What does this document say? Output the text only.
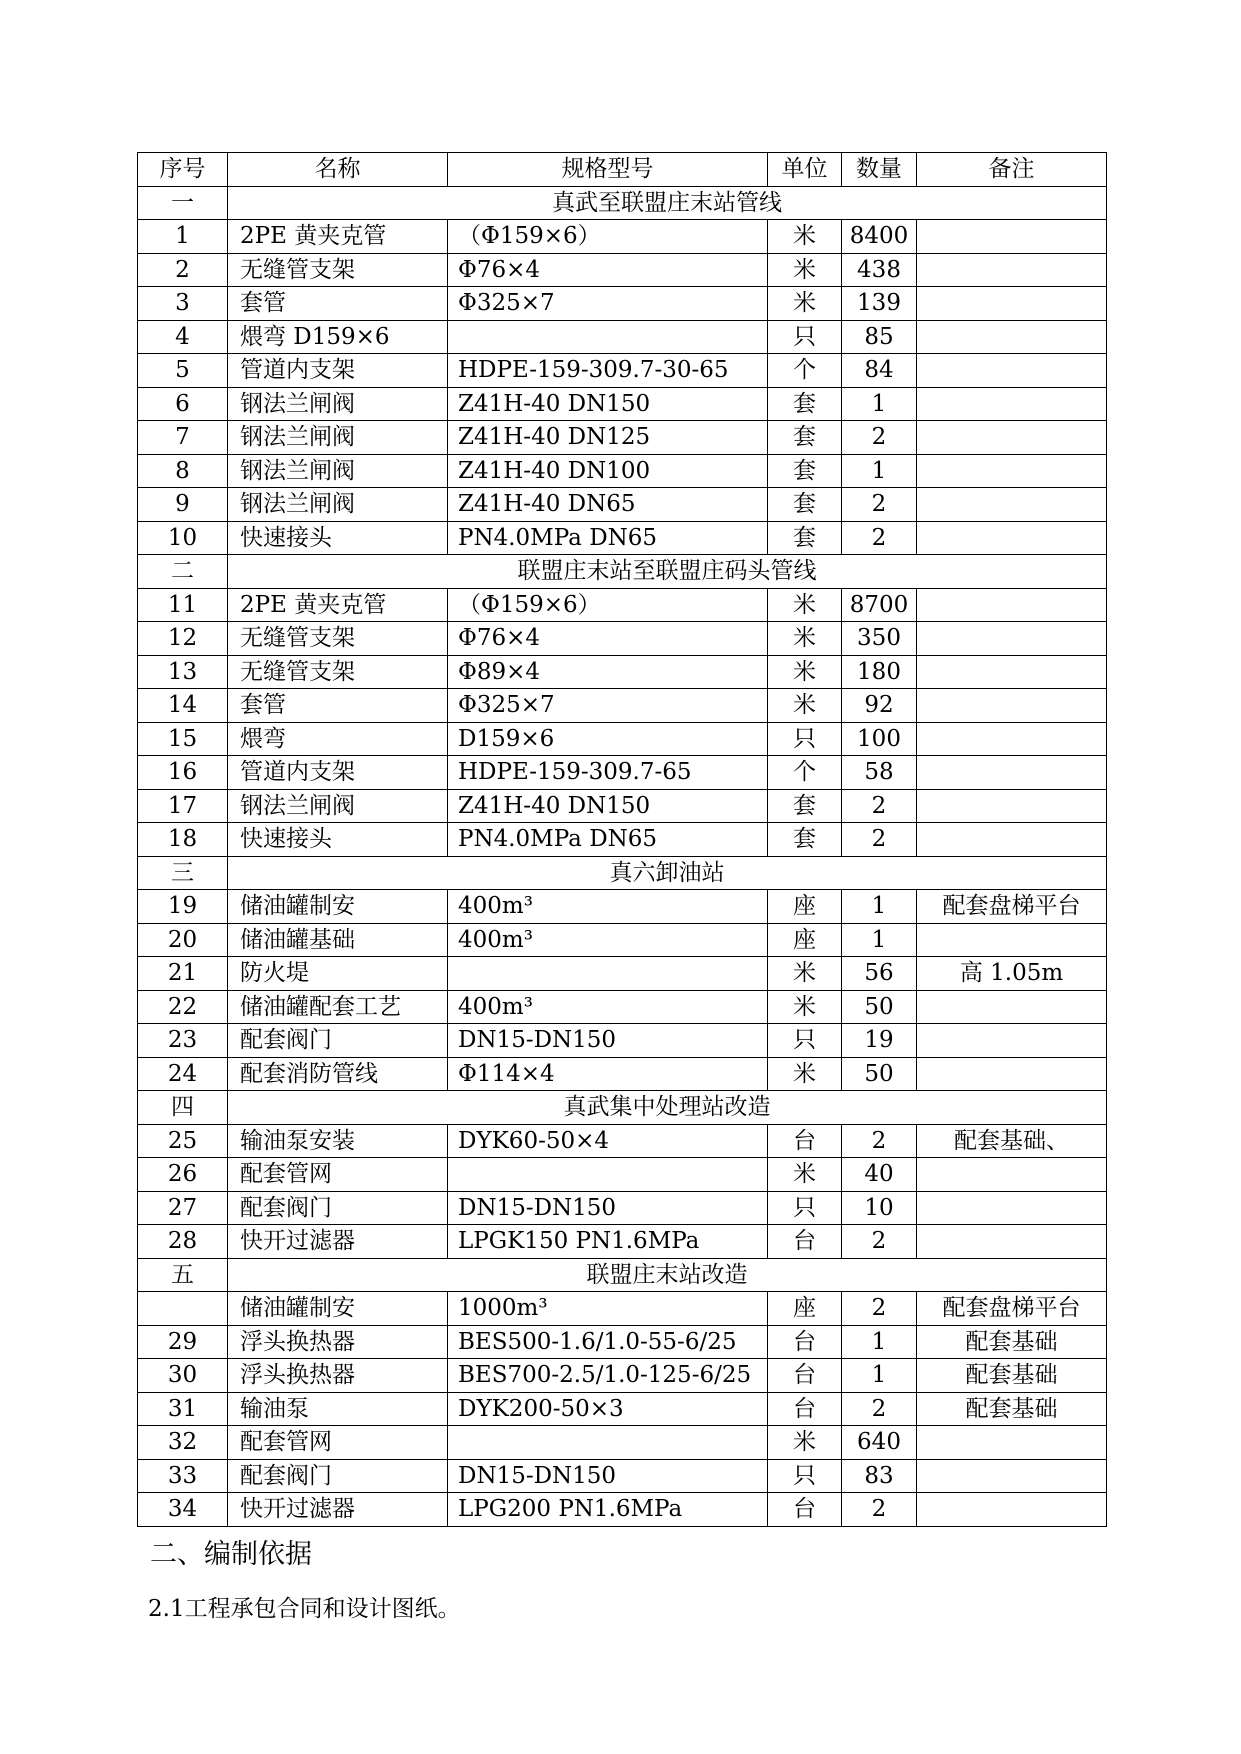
序号	名称	规格型号	单位	数量	备注
一	真武至联盟庄末站管线				
1	2PE 黄夹克管	（Φ159×6）	米	8400	
2	无缝管支架	Φ76×4	米	438	
3	套管	Φ325×7	米	139	
4	煨弯 D159×6		只	85	
5	管道内支架	HDPE-159-309.7-30-65	个	84	
6	钢法兰闸阀	Z41H-40 DN150	套	1	
7	钢法兰闸阀	Z41H-40 DN125	套	2	
8	钢法兰闸阀	Z41H-40 DN100	套	1	
9	钢法兰闸阀	Z41H-40 DN65	套	2	
10	快速接头	PN4.0MPa DN65	套	2	
二	联盟庄末站至联盟庄码头管线				
11	2PE 黄夹克管	（Φ159×6）	米	8700	
12	无缝管支架	Φ76×4	米	350	
13	无缝管支架	Φ89×4	米	180	
14	套管	Φ325×7	米	92	
15	煨弯	D159×6	只	100	
16	管道内支架	HDPE-159-309.7-65	个	58	
17	钢法兰闸阀	Z41H-40 DN150	套	2	
18	快速接头	PN4.0MPa DN65	套	2	
三	真六卸油站				
19	储油罐制安	400m³	座	1	配套盘梯平台
20	储油罐基础	400m³	座	1	
21	防火堤		米	56	高 1.05m
22	储油罐配套工艺	400m³	米	50	
23	配套阀门	DN15-DN150	只	19	
24	配套消防管线	Φ114×4	米	50	
四	真武集中处理站改造				
25	输油泵安装	DYK60-50×4	台	2	配套基础、
26	配套管网		米	40	
27	配套阀门	DN15-DN150	只	10	
28	快开过滤器	LPGK150 PN1.6MPa	台	2	
五	联盟庄末站改造				
	储油罐制安	1000m³	座	2	配套盘梯平台
29	浮头换热器	BES500-1.6/1.0-55-6/25	台	1	配套基础
30	浮头换热器	BES700-2.5/1.0-125-6/25	台	1	配套基础
31	输油泵	DYK200-50×3	台	2	配套基础
32	配套管网		米	640	
33	配套阀门	DN15-DN150	只	83	
34	快开过滤器	LPG200 PN1.6MPa	台	2	
二、编制依据
2.1工程承包合同和设计图纸。
